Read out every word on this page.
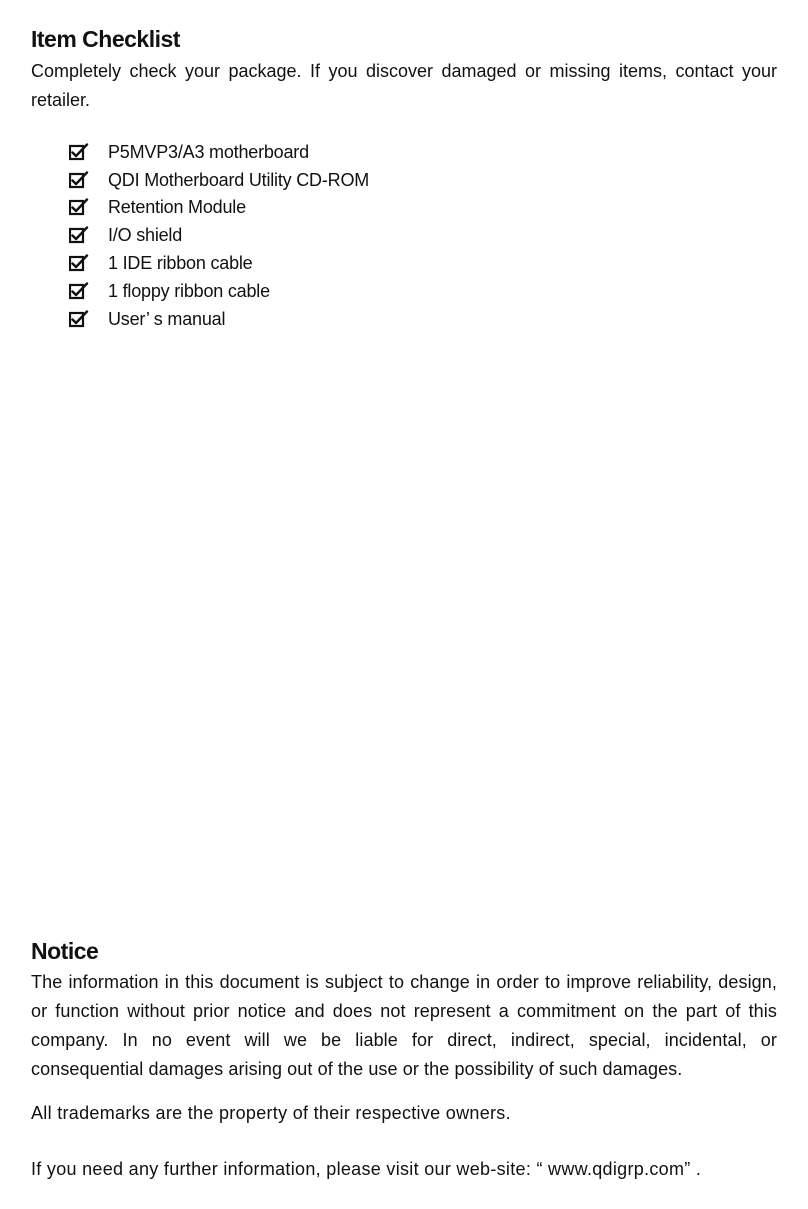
Item Checklist

Completely check your package. If you discover damaged or missing items, contact your retailer.

P5MVP3/A3 motherboard
QDI Motherboard Utility CD-ROM
Retention Module
I/O shield
1 IDE ribbon cable
1 floppy ribbon cable
User’ s manual
Notice

The information in this document is subject to change in order to improve reliability, design, or function without prior notice and does not represent a commitment on the part of this company. In no event will we be liable for direct, indirect, special, incidental, or consequential damages arising out of the use or the possibility of such damages.

All trademarks are the property of their respective owners.

If you need any further information, please visit our web-site: “ www.qdigrp.com” .
